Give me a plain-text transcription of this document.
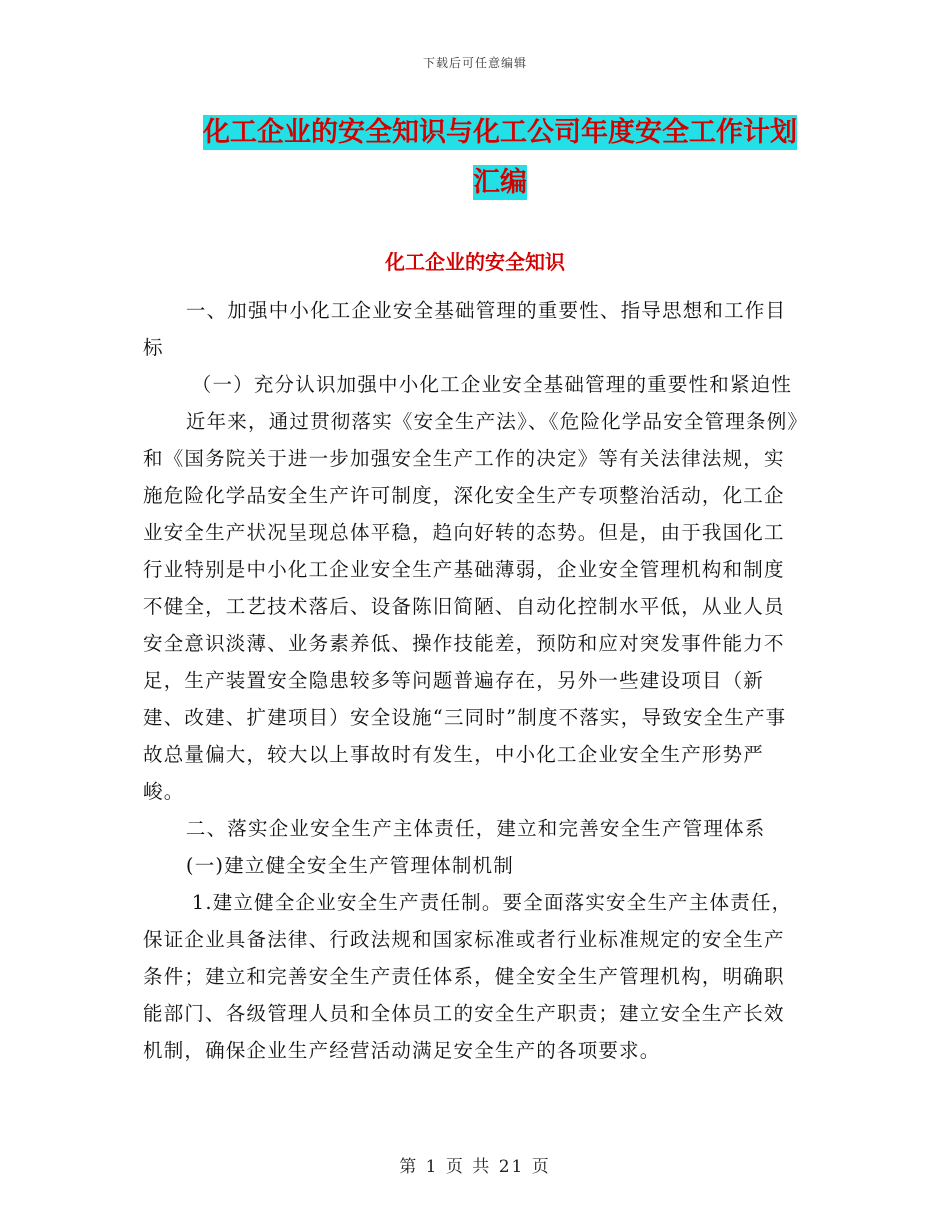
下载后可任意编辑
化工企业的安全知识与化工公司年度安全工作计划汇编
化工企业的安全知识

一、加强中小化工企业安全基础管理的重要性、指导思想和工作目标

（一）充分认识加强中小化工企业安全基础管理的重要性和紧迫性

近年来，通过贯彻落实《安全生产法》、《危险化学品安全管理条例》和《国务院关于进一步加强安全生产工作的决定》等有关法律法规，实施危险化学品安全生产许可制度，深化安全生产专项整治活动，化工企业安全生产状况呈现总体平稳，趋向好转的态势。但是，由于我国化工行业特别是中小化工企业安全生产基础薄弱，企业安全管理机构和制度不健全，工艺技术落后、设备陈旧简陋、自动化控制水平低，从业人员安全意识淡薄、业务素养低、操作技能差，预防和应对突发事件能力不足，生产装置安全隐患较多等问题普遍存在，另外一些建设项目（新建、改建、扩建项目）安全设施“三同时”制度不落实，导致安全生产事故总量偏大，较大以上事故时有发生，中小化工企业安全生产形势严峻。

二、落实企业安全生产主体责任，建立和完善安全生产管理体系

(一)建立健全安全生产管理体制机制

1.建立健全企业安全生产责任制。要全面落实安全生产主体责任，保证企业具备法律、行政法规和国家标准或者行业标准规定的安全生产条件；建立和完善安全生产责任体系，健全安全生产管理机构，明确职能部门、各级管理人员和全体员工的安全生产职责；建立安全生产长效机制，确保企业生产经营活动满足安全生产的各项要求。

第 1 页 共 21 页
